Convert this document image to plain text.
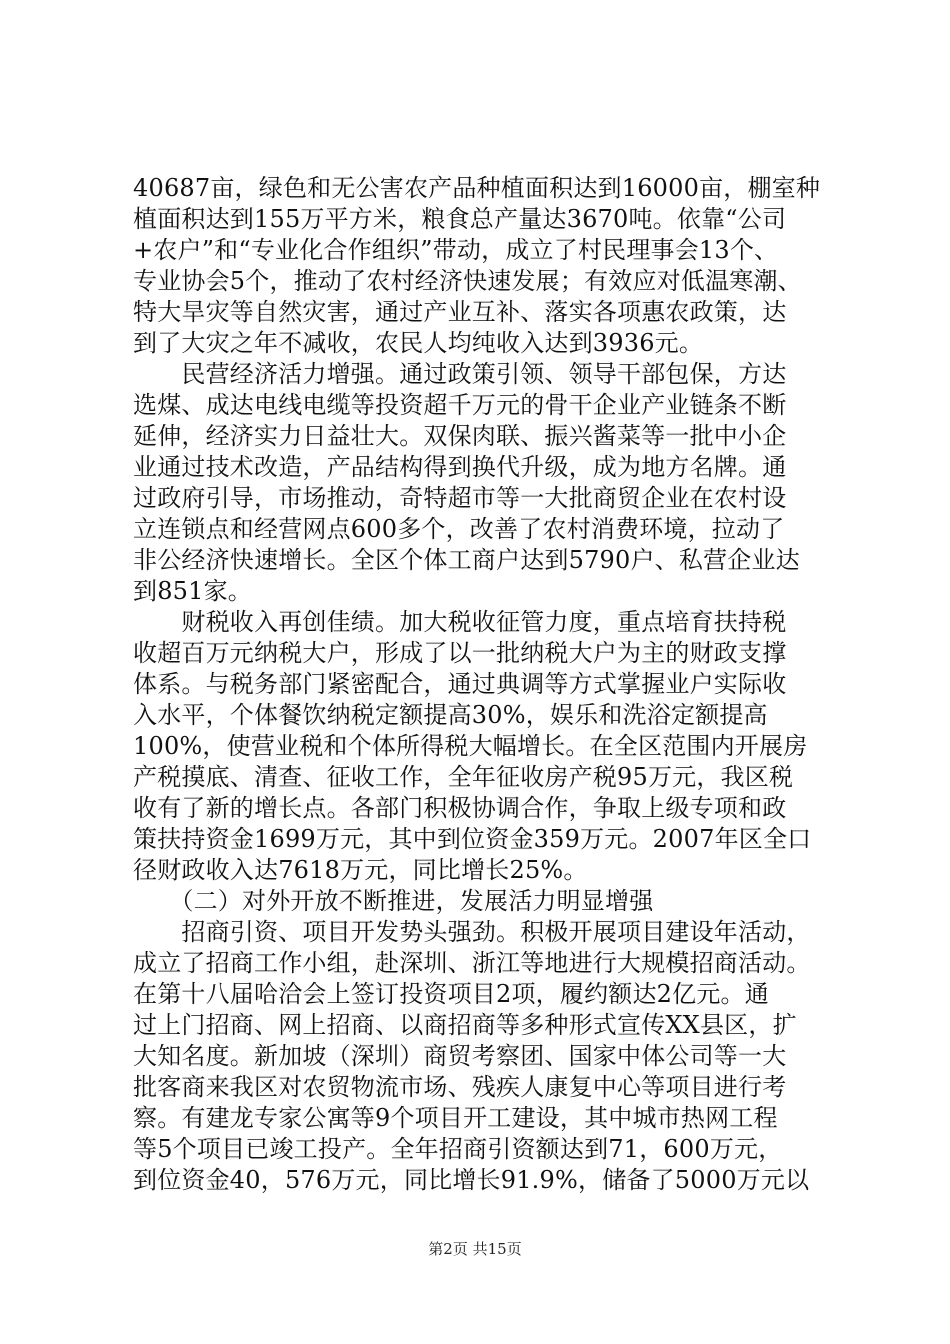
40687亩，绿色和无公害农产品种植面积达到16000亩，棚室种
植面积达到155万平方米，粮食总产量达3670吨。依靠“公司
+农户”和“专业化合作组织”带动，成立了村民理事会13个、
专业协会5个，推动了农村经济快速发展；有效应对低温寒潮、
特大旱灾等自然灾害，通过产业互补、落实各项惠农政策，达
到了大灾之年不减收，农民人均纯收入达到3936元。
　　民营经济活力增强。通过政策引领、领导干部包保，方达
选煤、成达电线电缆等投资超千万元的骨干企业产业链条不断
延伸，经济实力日益壮大。双保肉联、振兴酱菜等一批中小企
业通过技术改造，产品结构得到换代升级，成为地方名牌。通
过政府引导，市场推动，奇特超市等一大批商贸企业在农村设
立连锁点和经营网点600多个，改善了农村消费环境，拉动了
非公经济快速增长。全区个体工商户达到5790户、私营企业达
到851家。
　　财税收入再创佳绩。加大税收征管力度，重点培育扶持税
收超百万元纳税大户，形成了以一批纳税大户为主的财政支撑
体系。与税务部门紧密配合，通过典调等方式掌握业户实际收
入水平，个体餐饮纳税定额提高30%，娱乐和洗浴定额提高
100%，使营业税和个体所得税大幅增长。在全区范围内开展房
产税摸底、清查、征收工作，全年征收房产税95万元，我区税
收有了新的增长点。各部门积极协调合作，争取上级专项和政
策扶持资金1699万元，其中到位资金359万元。2007年区全口
径财政收入达7618万元，同比增长25%。
　　（二）对外开放不断推进，发展活力明显增强
　　招商引资、项目开发势头强劲。积极开展项目建设年活动，
成立了招商工作小组，赴深圳、浙江等地进行大规模招商活动。
在第十八届哈洽会上签订投资项目2项，履约额达2亿元。通
过上门招商、网上招商、以商招商等多种形式宣传XX县区，扩
大知名度。新加坡（深圳）商贸考察团、国家中体公司等一大
批客商来我区对农贸物流市场、残疾人康复中心等项目进行考
察。有建龙专家公寓等9个项目开工建设，其中城市热网工程
等5个项目已竣工投产。全年招商引资额达到71，600万元，
到位资金40，576万元，同比增长91.9%，储备了5000万元以
第2页 共15页
